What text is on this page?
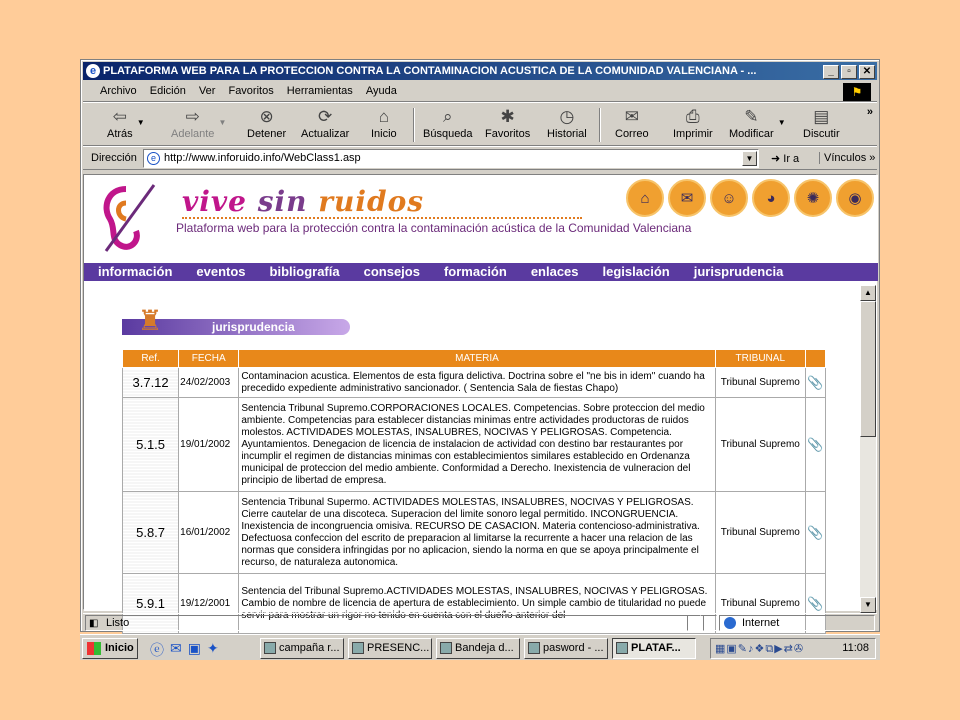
e PLATAFORMA WEB PARA LA PROTECCION CONTRA LA CONTAMINACION ACUSTICA DE LA COMUNIDAD VALENCIANA - ...	_	▫	✕
Archivo Edición Ver Favoritos Herramientas Ayuda	⚑
⇦
Atrás
▼	⇨
Adelante
▼	⊗
Detener
⟳
Actualizar
⌂
Inicio
⌕
Búsqueda
✱
Favoritos
◷
Historial
✉
Correo
⎙
Imprimir
✎
Modificar
▼	▤
Discutir
»
Dirección	e http://www.inforuido.info/WebClass1.asp	▼	➜ Ir a	Vínculos »
vive sin ruidos
Plataforma web para la protección contra la contaminación acústica de la Comunidad Valenciana
⌂	✉	☺	◕	✺	◉
información	eventos	bibliografía	consejos	formación	enlaces	legislación	jurisprudencia
jurisprudencia
♜
Ref.	FECHA	MATERIA	TRIBUNAL	
3.7.12	24/02/2003	Contaminacion acustica. Elementos de esta figura delictiva. Doctrina sobre el "ne bis in idem" cuando ha precedido expediente administrativo sancionador. ( Sentencia Sala de fiestas Chapo)	Tribunal Supremo	📎
5.1.5	19/01/2002	Sentencia Tribunal Supremo.CORPORACIONES LOCALES. Competencias. Sobre proteccion del medio ambiente. Competencias para establecer distancias minimas entre actividades productoras de ruidos molestos. ACTIVIDADES MOLESTAS, INSALUBRES, NOCIVAS Y PELIGROSAS. Competencia. Ayuntamientos. Denegacion de licencia de instalacion de actividad con destino bar restaurantes por incumplir el regimen de distancias minimas con establecimientos similares establecido en Ordenanza municipal de proteccion del medio ambiente. Conformidad a Derecho. Inexistencia de vulneracion del principio de libertad de empresa.	Tribunal Supremo	📎
5.8.7	16/01/2002	Sentencia Tribunal Supermo. ACTIVIDADES MOLESTAS, INSALUBRES, NOCIVAS Y PELIGROSAS. Cierre cautelar de una discoteca. Superacion del limite sonoro legal permitido. INCONGRUENCIA. Inexistencia de incongruencia omisiva. RECURSO DE CASACION. Materia contencioso-administrativa. Defectuosa confeccion del escrito de preparacion al limitarse la recurrente a hacer una relacion de las normas que considera infringidas por no aplicacion, siendo la norma en que se apoya principalmente el recurso, de naturaleza autonomica.	Tribunal Supremo	📎
5.9.1	19/12/2001	Sentencia del Tribunal Supremo.ACTIVIDADES MOLESTAS, INSALUBRES, NOCIVAS Y PELIGROSAS. Cambio de nombre de licencia de apertura de establecimiento. Un simple cambio de titularidad no puede servir para mostrar un rigor no tenido en cuenta con el dueño anterior del	Tribunal Supremo	📎
▲
▼
◧ Listo	Internet
Inicio	ⓔ ✉ ▣ ✦	campaña r...	PRESENC...	Bandeja d...	pasword - ...	PLATAF...	▦▣✎♪❖⧉▶⇄✇	11:08
